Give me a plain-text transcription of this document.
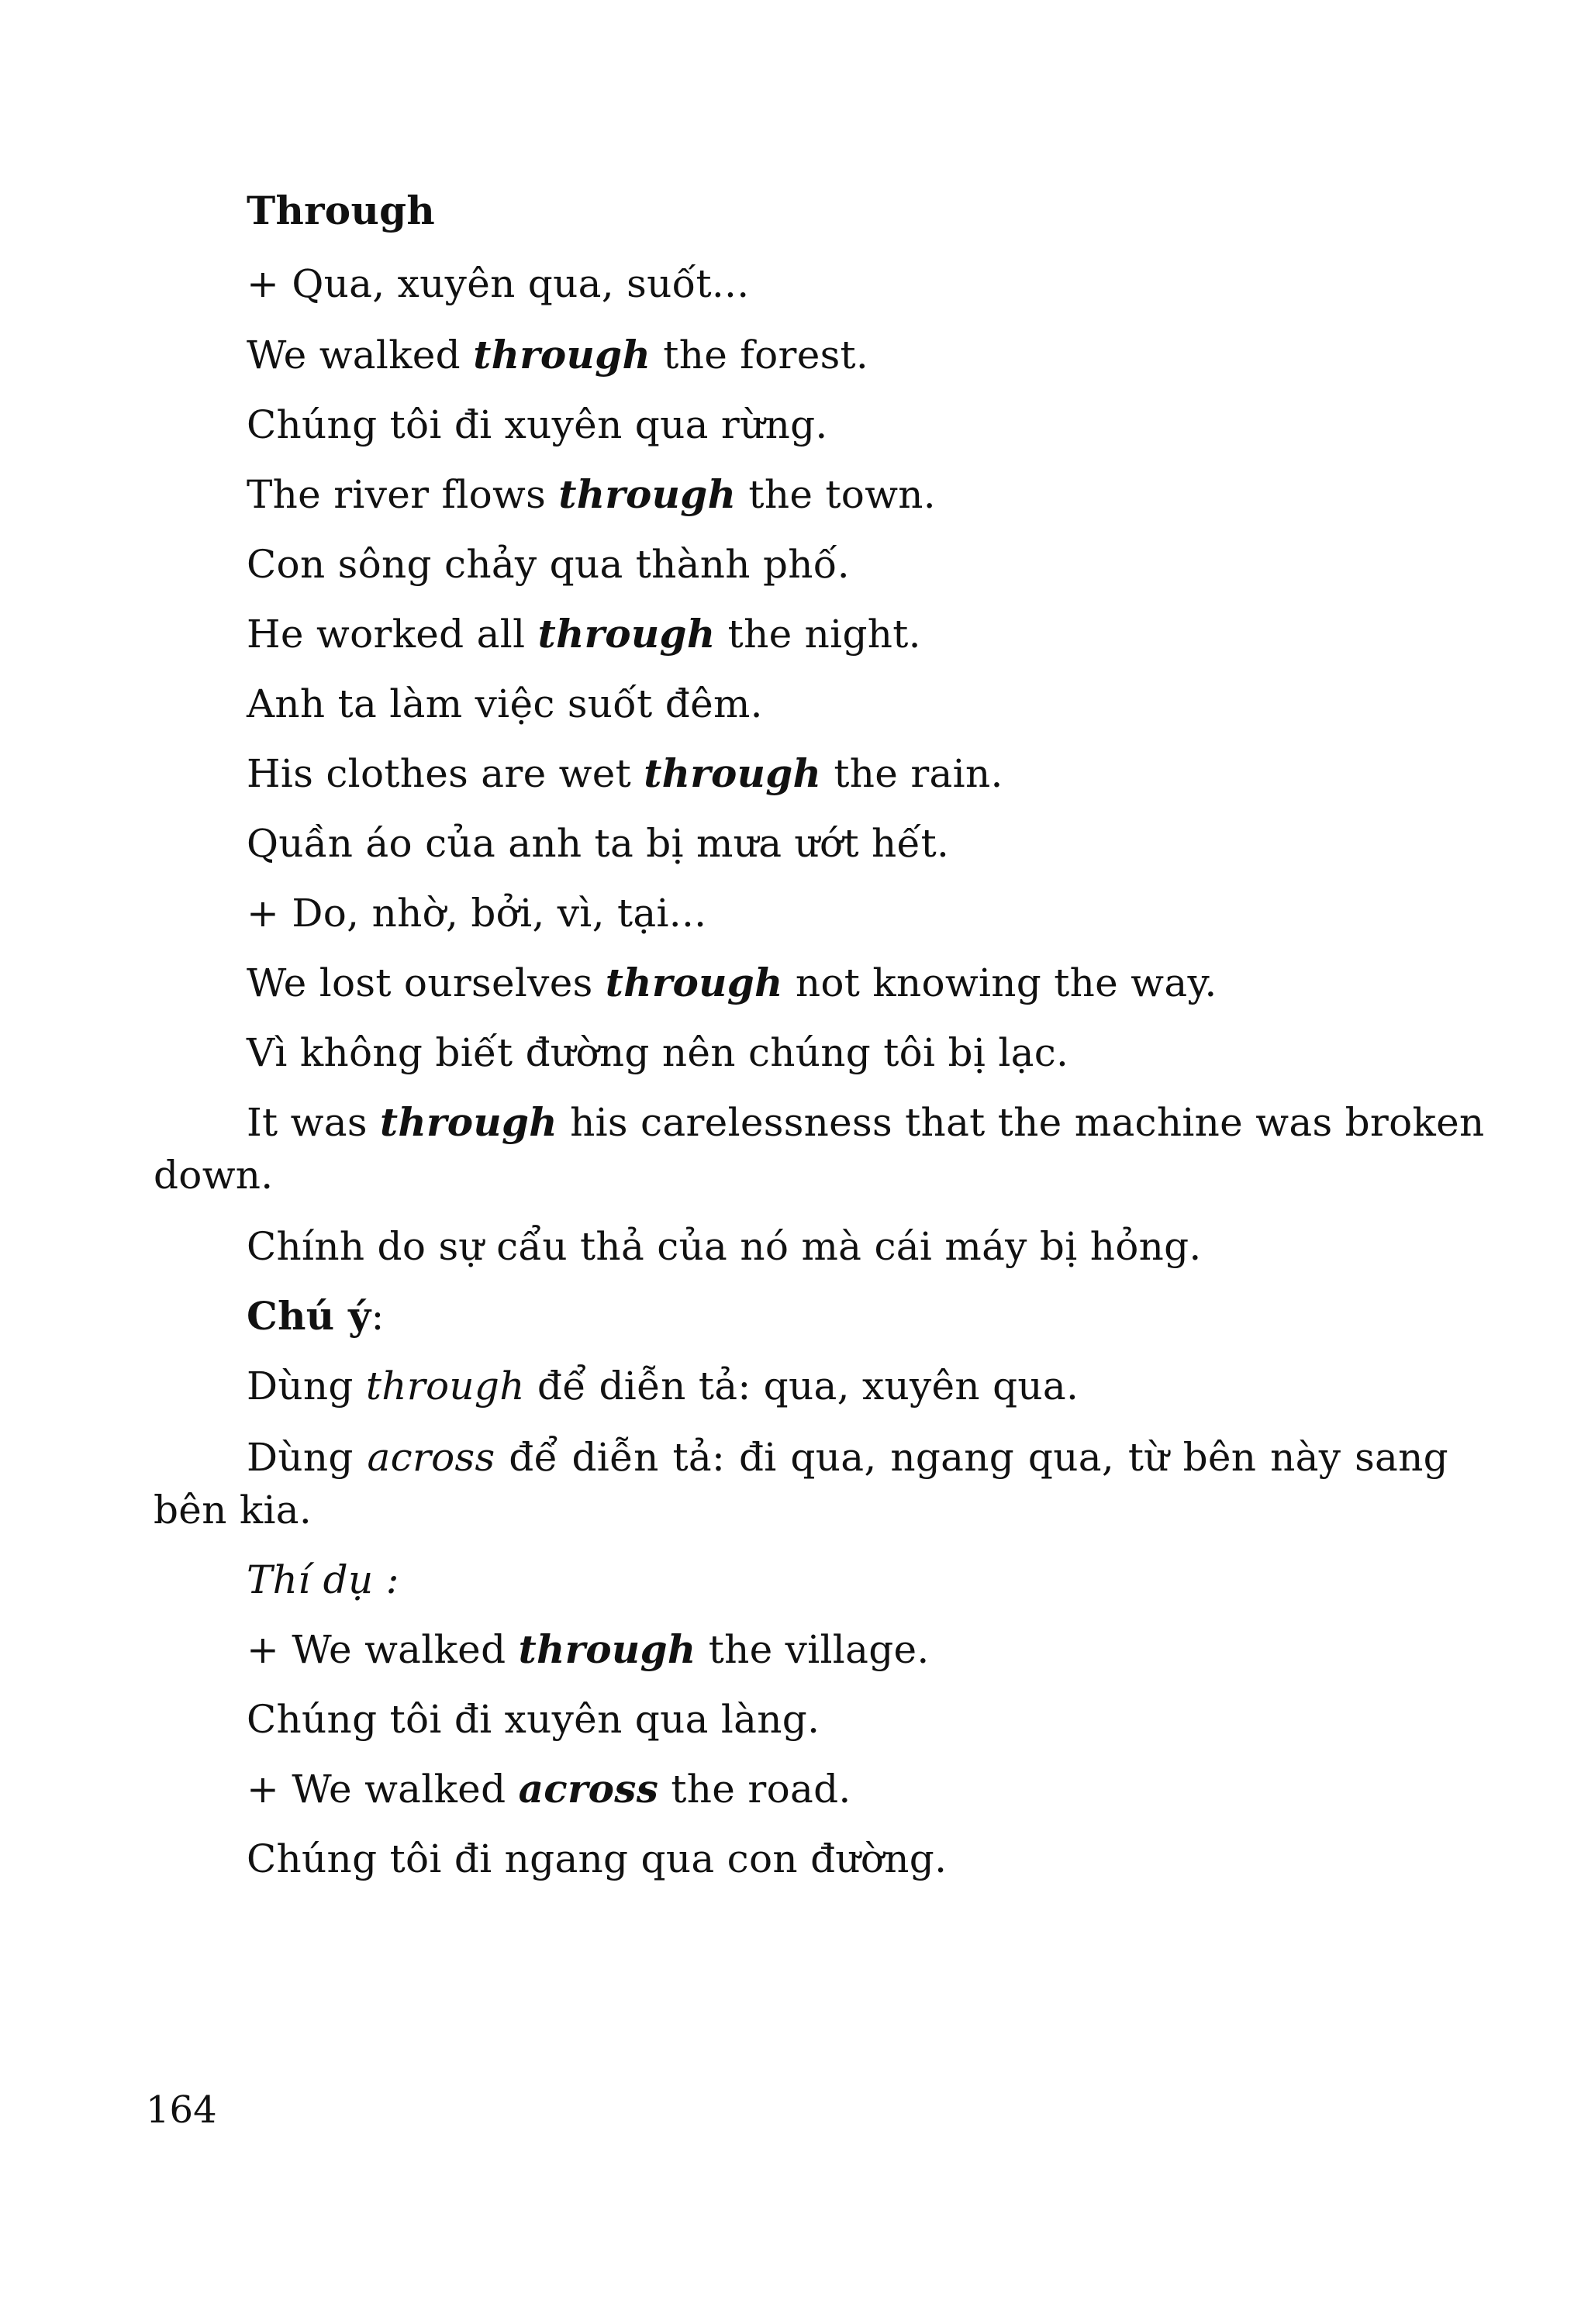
Through
+ Qua, xuyên qua, suốt...
We walked through the forest.
Chúng tôi đi xuyên qua rừng.
The river flows through the town.
Con sông chảy qua thành phố.
He worked all through the night.
Anh ta làm việc suốt đêm.
His clothes are wet through the rain.
Quần áo của anh ta bị mưa ướt hết.
+ Do, nhờ, bởi, vì, tại...
We lost ourselves through not knowing the way.
Vì không biết đường nên chúng tôi bị lạc.
It was through his carelessness that the machine was broken
down.
Chính do sự cẩu thả của nó mà cái máy bị hỏng.
Chú ý:
Dùng through để diễn tả: qua, xuyên qua.
Dùng across để diễn tả: đi qua, ngang qua, từ bên này sang
bên kia.
Thí dụ :
+ We walked through the village.
Chúng tôi đi xuyên qua làng.
+ We walked across the road.
Chúng tôi đi ngang qua con đường.
164
